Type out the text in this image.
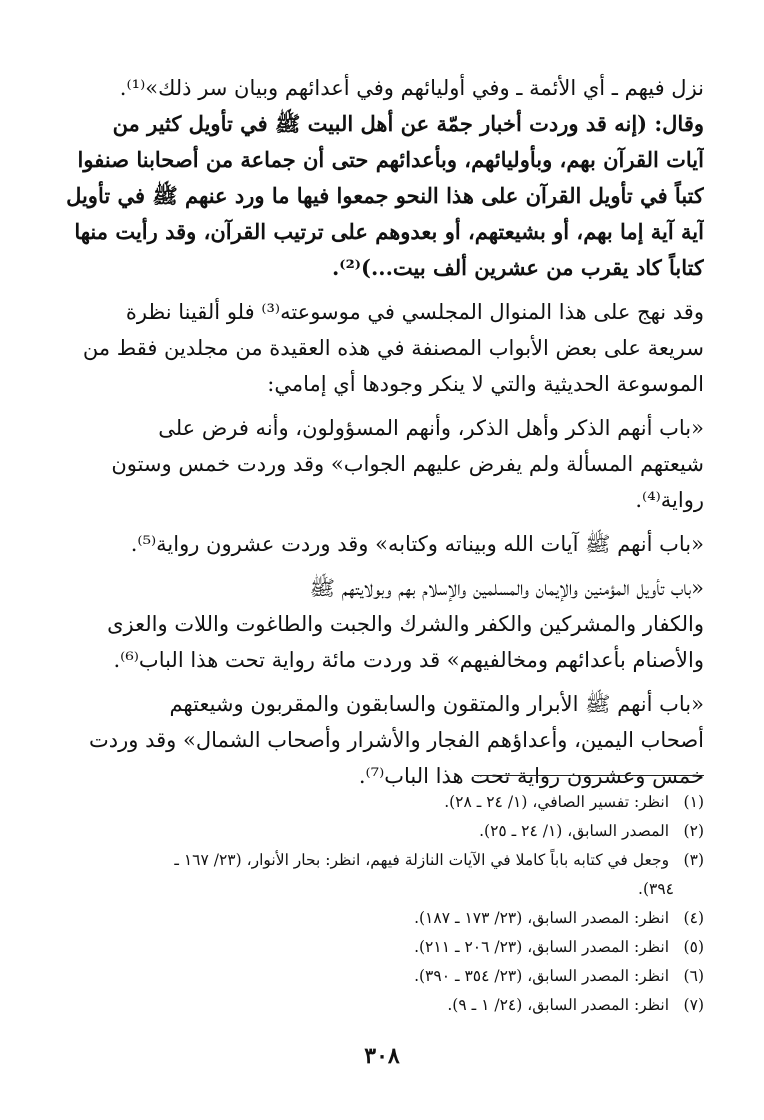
نزل فيهم ـ أي الأئمة ـ وفي أوليائهم وفي أعدائهم وبيان سر ذلك»⁽¹⁾.
وقال: (إنه قد وردت أخبار جمّة عن أهل البيت ﷺ في تأويل كثير من
آيات القرآن بهم، وبأوليائهم، وبأعدائهم حتى أن جماعة من أصحابنا صنفوا
كتباً في تأويل القرآن على هذا النحو جمعوا فيها ما ورد عنهم ﷺ في تأويل
آية آية إما بهم، أو بشيعتهم، أو بعدوهم على ترتيب القرآن، وقد رأيت منها
كتاباً كاد يقرب من عشرين ألف بيت...)⁽²⁾.
وقد نهج على هذا المنوال المجلسي في موسوعته⁽³⁾ فلو ألقينا نظرة
سريعة على بعض الأبواب المصنفة في هذه العقيدة من مجلدين فقط من
الموسوعة الحديثية والتي لا ينكر وجودها أي إمامي:
«باب أنهم الذكر وأهل الذكر، وأنهم المسؤولون، وأنه فرض على
شيعتهم المسألة ولم يفرض عليهم الجواب» وقد وردت خمس وستون
رواية⁽⁴⁾.
«باب أنهم ﷺ آيات الله وبيناته وكتابه» وقد وردت عشرون رواية⁽⁵⁾.
«باب تأويل المؤمنين والإيمان والمسلمين والإسلام بهم وبولايتهم ﷺ
والكفار والمشركين والكفر والشرك والجبت والطاغوت واللات والعزى
والأصنام بأعدائهم ومخالفيهم» قد وردت مائة رواية تحت هذا الباب⁽⁶⁾.
«باب أنهم ﷺ الأبرار والمتقون والسابقون والمقربون وشيعتهم
أصحاب اليمين، وأعداؤهم الفجار والأشرار وأصحاب الشمال» وقد وردت
خمس وعشرون رواية تحت هذا الباب⁽⁷⁾.
(١) انظر: تفسير الصافي، (١/ ٢٤ ـ ٢٨).
(٢) المصدر السابق، (١/ ٢٤ ـ ٢٥).
(٣) وجعل في كتابه باباً كاملا في الآيات النازلة فيهم، انظر: بحار الأنوار، (٢٣/ ١٦٧ ـ
٣٩٤).
(٤) انظر: المصدر السابق، (٢٣/ ١٧٣ ـ ١٨٧).
(٥) انظر: المصدر السابق، (٢٣/ ٢٠٦ ـ ٢١١).
(٦) انظر: المصدر السابق، (٢٣/ ٣٥٤ ـ ٣٩٠).
(٧) انظر: المصدر السابق، (٢٤/ ١ ـ ٩).
٣٠٨
